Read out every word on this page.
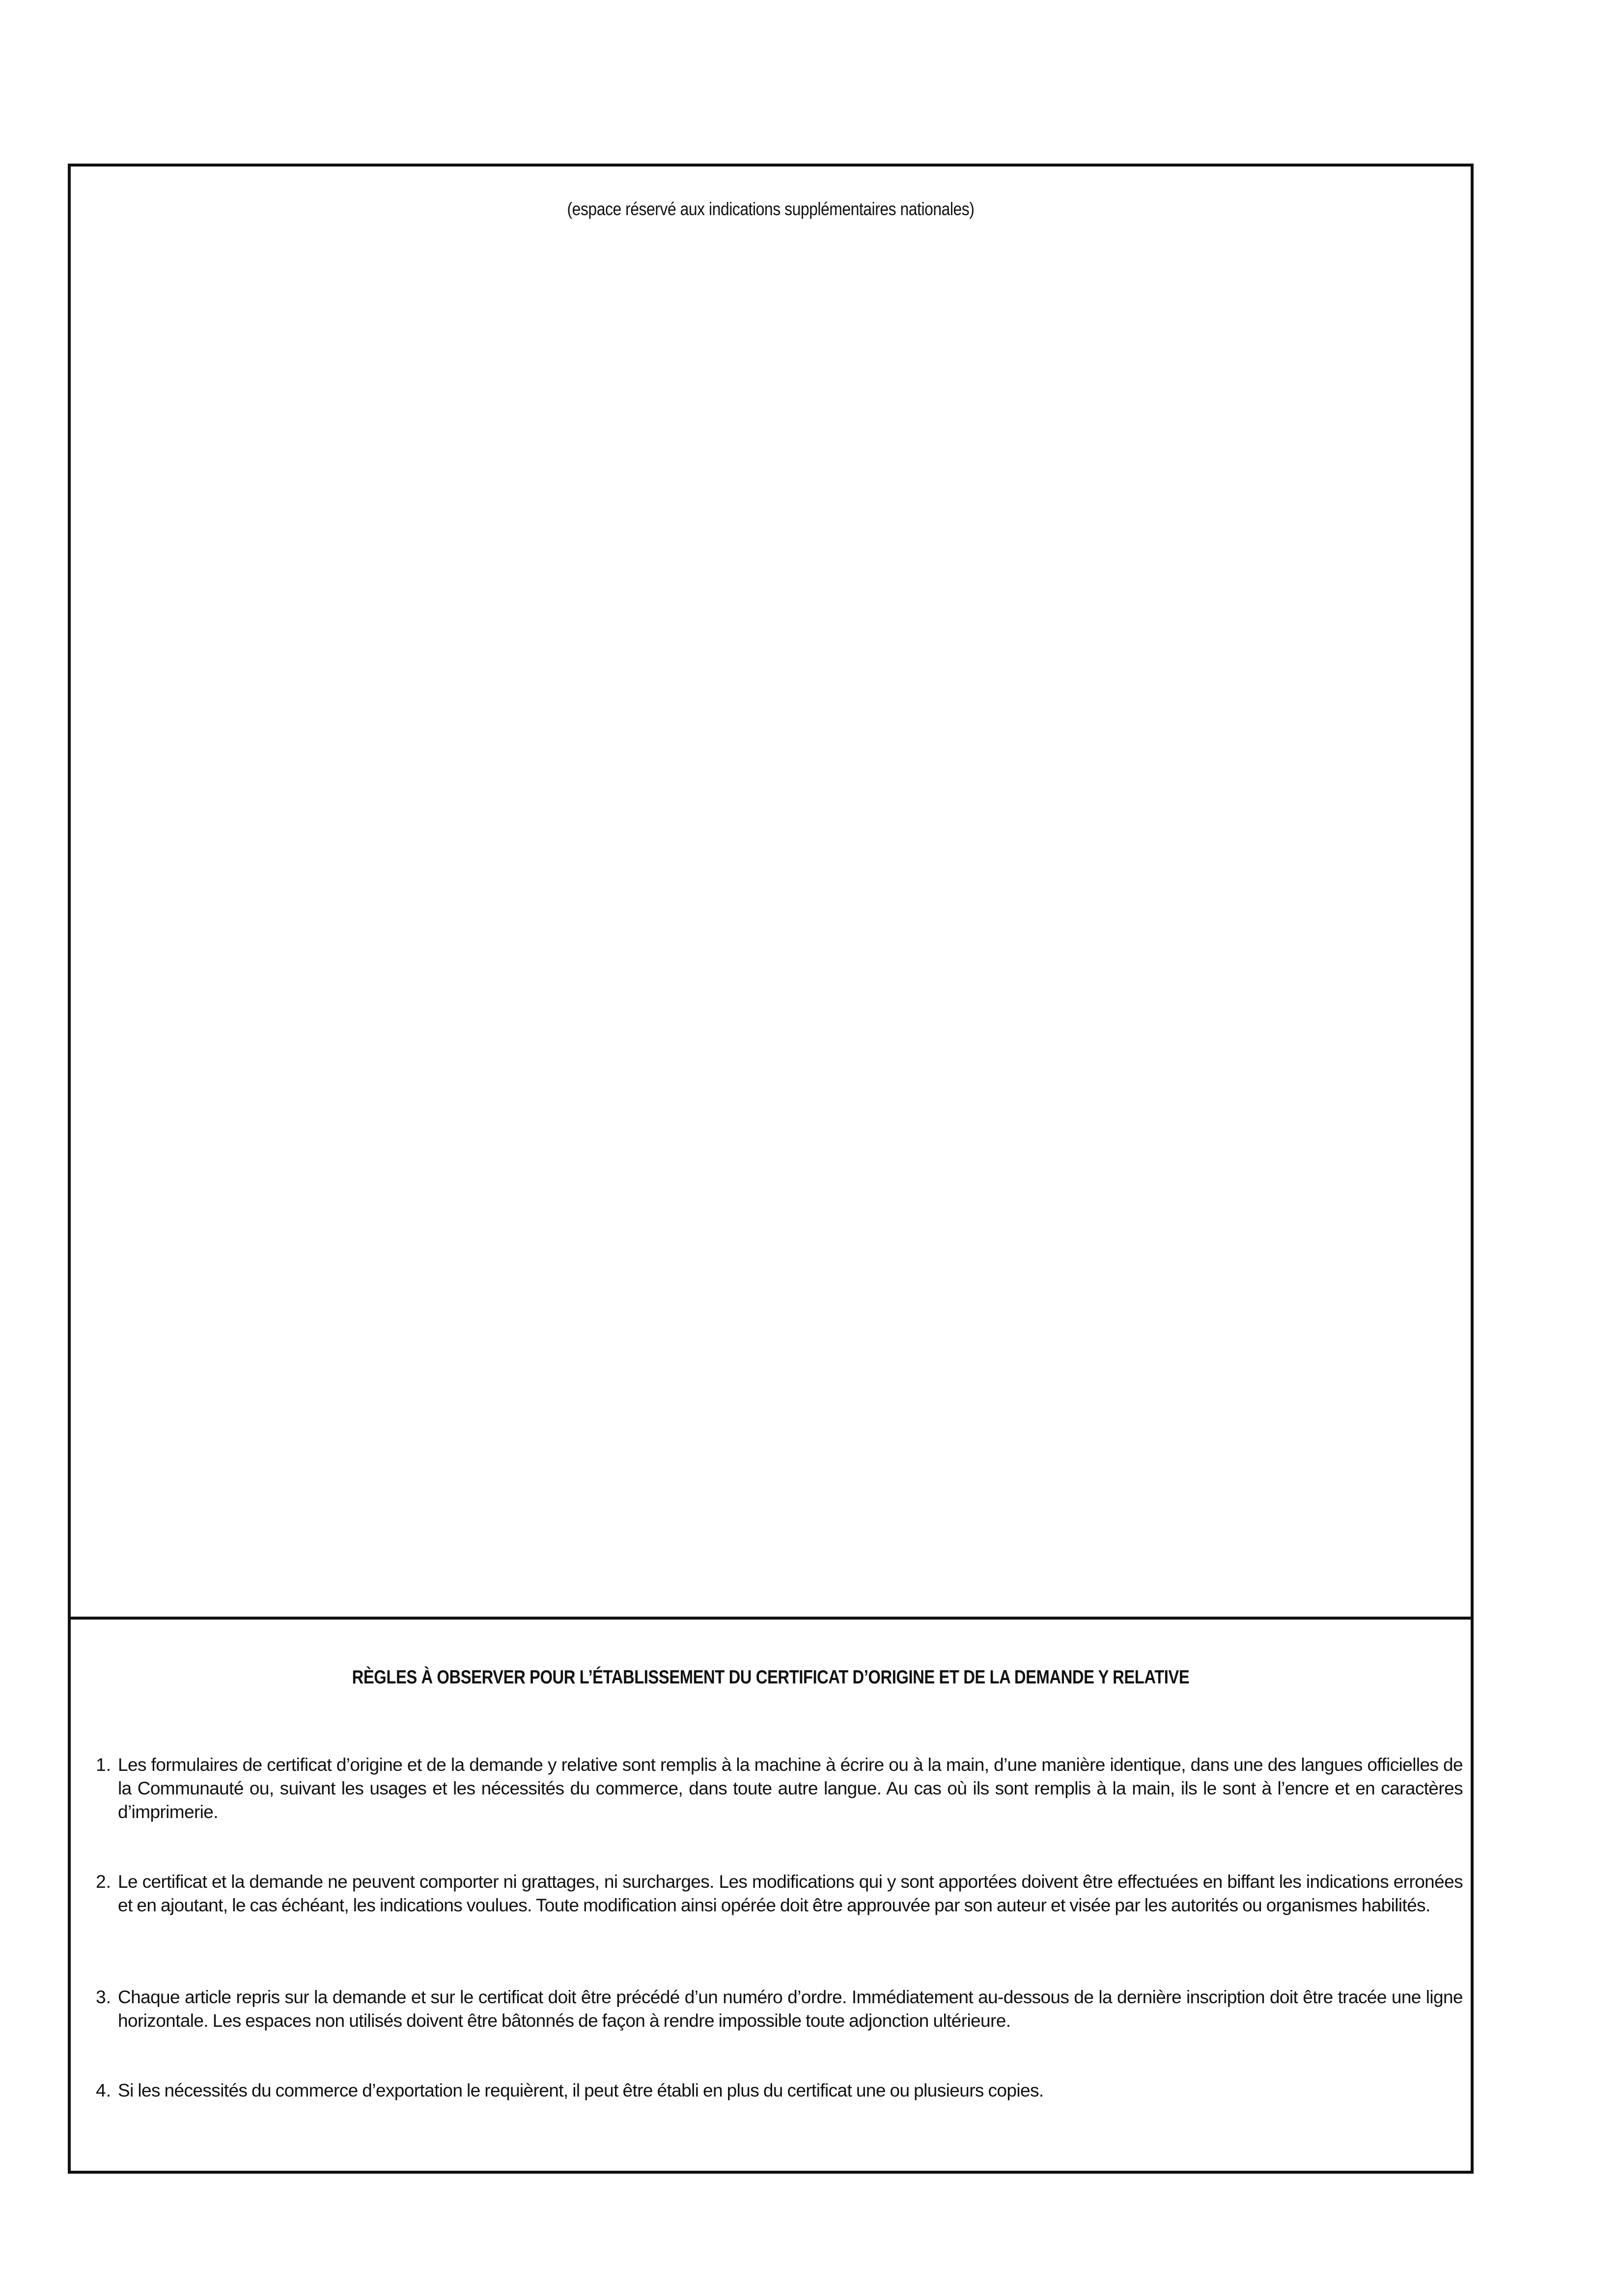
(espace réservé aux indications supplémentaires nationales)
RÈGLES À OBSERVER POUR L’ÉTABLISSEMENT DU CERTIFICAT D’ORIGINE ET DE LA DEMANDE Y RELATIVE
1. Les formulaires de certificat d’origine et de la demande y relative sont remplis à la machine à écrire ou à la main, d’une manière identique, dans une des langues officielles de la Communauté ou, suivant les usages et les nécessités du commerce, dans toute autre langue. Au cas où ils sont remplis à la main, ils le sont à l’encre et en caractères d’imprimerie.
2. Le certificat et la demande ne peuvent comporter ni grattages, ni surcharges. Les modifications qui y sont apportées doivent être effectuées en biffant les indications erronées et en ajoutant, le cas échéant, les indications voulues. Toute modification ainsi opérée doit être approuvée par son auteur et visée par les autorités ou organismes habilités.
3. Chaque article repris sur la demande et sur le certificat doit être précédé d’un numéro d’ordre. Immédiatement au-dessous de la dernière inscription doit être tracée une ligne horizontale. Les espaces non utilisés doivent être bâtonnés de façon à rendre impossible toute adjonction ultérieure.
4. Si les nécessités du commerce d’exportation le requièrent, il peut être établi en plus du certificat une ou plusieurs copies.
